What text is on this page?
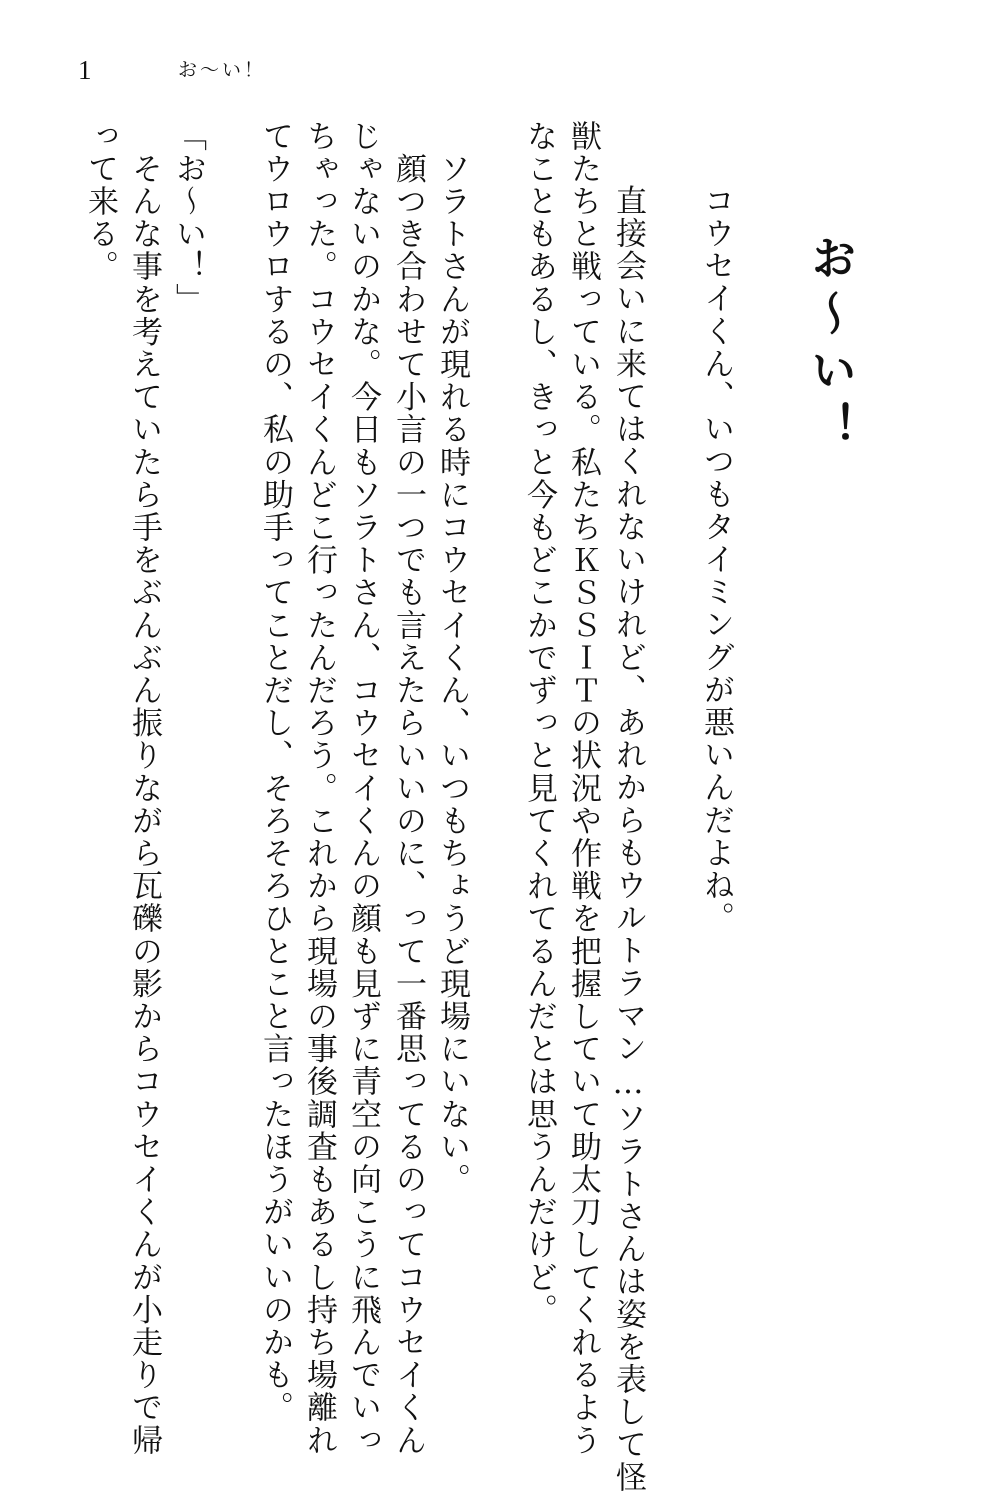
1	お〜い！
お〜い！
　コウセイくん、いつもタイミングが悪いんだよね。
　直接会いに来てはくれないけれど、あれからもウルトラマン…ソラトさんは姿を表して怪
獣たちと戦っている。私たちＫＳＳＩＴの状況や作戦を把握していて助太刀してくれるよう
なこともあるし、きっと今もどこかでずっと見てくれてるんだとは思うんだけど。
　ソラトさんが現れる時にコウセイくん、いつもちょうど現場にいない。
　顔つき合わせて小言の一つでも言えたらいいのに、って一番思ってるのってコウセイくん
じゃないのかな。今日もソラトさん、コウセイくんの顔も見ずに青空の向こうに飛んでいっ
ちゃった。コウセイくんどこ行ったんだろう。これから現場の事後調査もあるし持ち場離れ
てウロウロするの、私の助手ってことだし、そろそろひとこと言ったほうがいいのかも。
「お〜い！」
　そんな事を考えていたら手をぶんぶん振りながら瓦礫の影からコウセイくんが小走りで帰
って来る。
